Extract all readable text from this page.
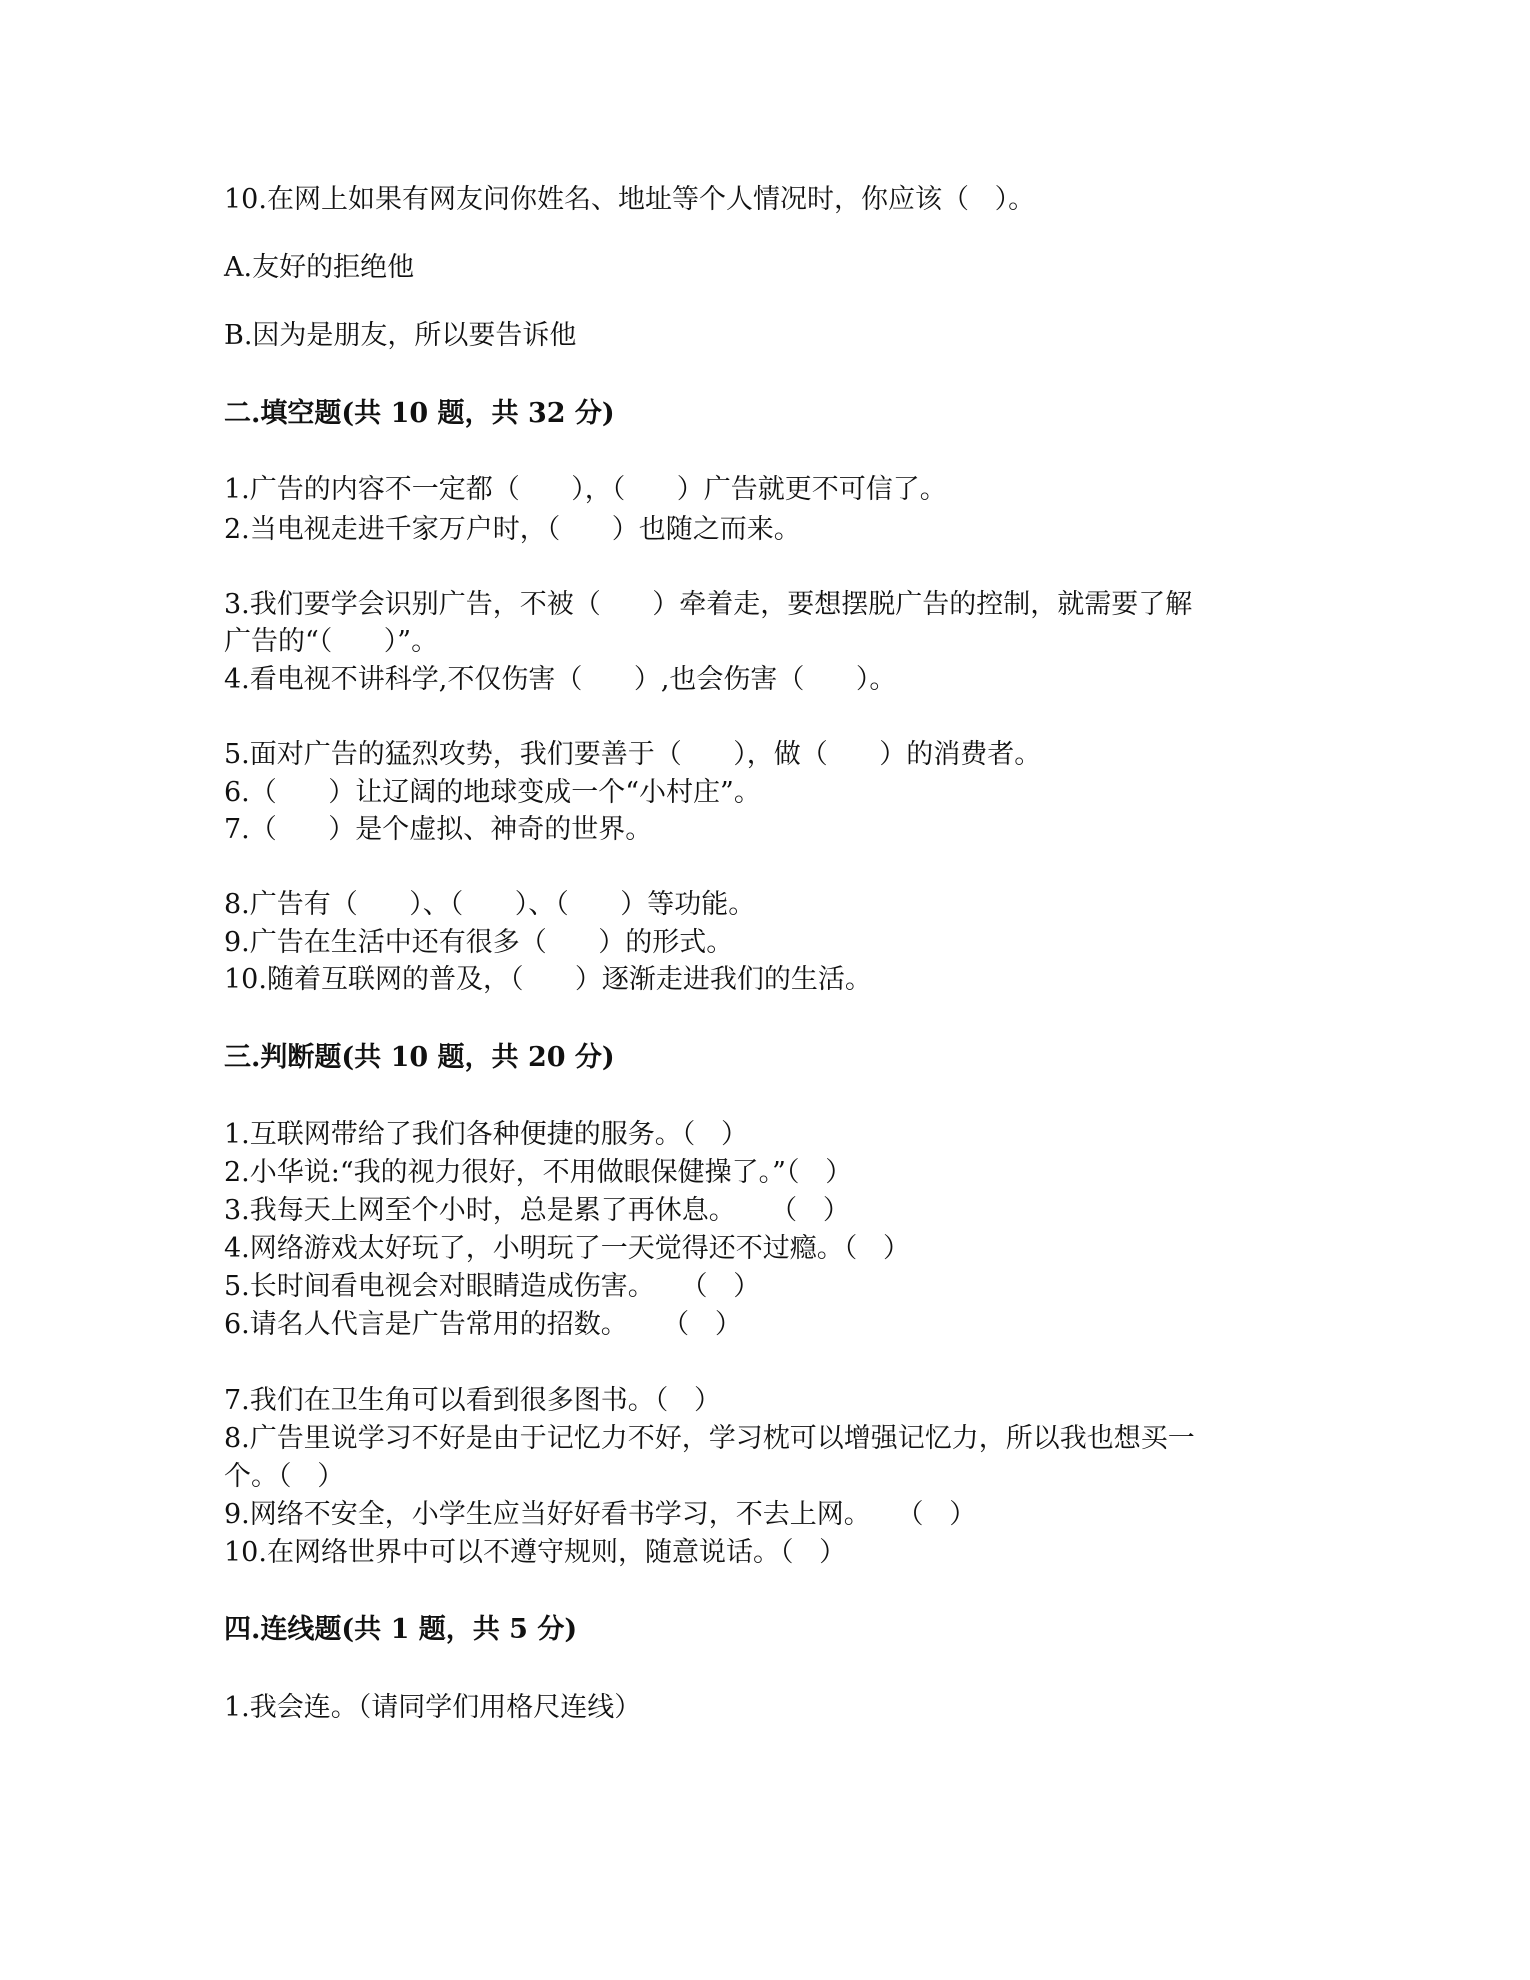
10.在网上如果有网友问你姓名、地址等个人情况时，你应该（   ）。
A.友好的拒绝他
B.因为是朋友，所以要告诉他
二.填空题(共 10 题，共 32 分)
1.广告的内容不一定都（      ），（      ）广告就更不可信了。
2.当电视走进千家万户时，（      ）也随之而来。
3.我们要学会识别广告，不被（      ）牵着走，要想摆脱广告的控制，就需要了解
广告的“（      ）”。
4.看电视不讲科学,不仅伤害（      ）,也会伤害（      ）。
5.面对广告的猛烈攻势，我们要善于（      ），做（      ）的消费者。
6.（      ）让辽阔的地球变成一个“小村庄”。
7.（      ）是个虚拟、神奇的世界。
8.广告有（      ）、（      ）、（      ）等功能。
9.广告在生活中还有很多（      ）的形式。
10.随着互联网的普及，（      ）逐渐走进我们的生活。
三.判断题(共 10 题，共 20 分)
1.互联网带给了我们各种便捷的服务。（   ）
2.小华说:“我的视力很好，不用做眼保健操了。”（   ）
3.我每天上网至个小时，总是累了再休息。    （   ）
4.网络游戏太好玩了，小明玩了一天觉得还不过瘾。（   ）
5.长时间看电视会对眼睛造成伤害。   （   ）
6.请名人代言是广告常用的招数。    （   ）
7.我们在卫生角可以看到很多图书。（   ）
8.广告里说学习不好是由于记忆力不好，学习枕可以增强记忆力，所以我也想买一
个。（   ）
9.网络不安全，小学生应当好好看书学习，不去上网。   （   ）
10.在网络世界中可以不遵守规则，随意说话。（   ）
四.连线题(共 1 题，共 5 分)
1.我会连。（请同学们用格尺连线）
